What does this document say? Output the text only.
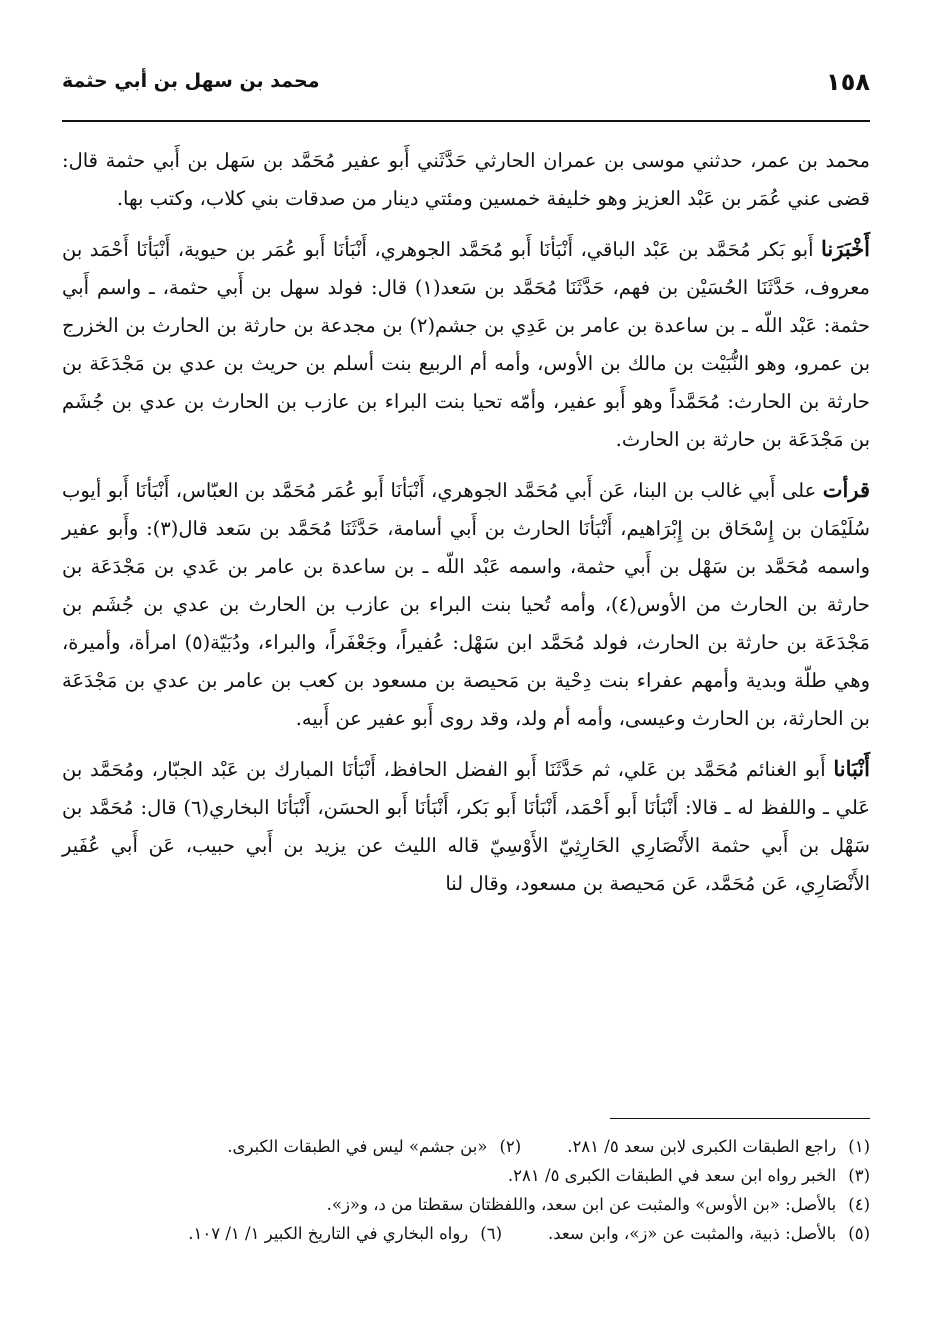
١٥٨
محمد بن سهل بن أبي حثمة

محمد بن عمر، حدثني موسى بن عمران الحارثي حَدَّثَني أَبو عفير مُحَمَّد بن سَهل بن أَبي حثمة قال: قضى عني عُمَر بن عَبْد العزيز وهو خليفة خمسين ومئتي دينار من صدقات بني كلاب، وكتب بها.

أَخْبَرَنا أَبو بَكر مُحَمَّد بن عَبْد الباقي، أَنْبَأنَا أَبو مُحَمَّد الجوهري، أَنْبَأنَا أَبو عُمَر بن حيوية، أَنْبَأنَا أَحْمَد بن معروف، حَدَّثَنَا الحُسَيْن بن فهم، حَدَّثَنَا مُحَمَّد بن سَعد(١) قال: فولد سهل بن أَبي حثمة، ـ واسم أَبي حثمة: عَبْد اللّه ـ بن ساعدة بن عامر بن عَدِي بن جشم(٢) بن مجدعة بن حارثة بن الحارث بن الخزرج بن عمرو، وهو النُّبَيْت بن مالك بن الأوس، وأمه أم الربيع بنت أسلم بن حريث بن عدي بن مَجْدَعَة بن حارثة بن الحارث: مُحَمَّداً وهو أَبو عفير، وأمّه تحيا بنت البراء بن عازب بن الحارث بن عدي بن جُشَم بن مَجْدَعَة بن حارثة بن الحارث.

قرأت على أَبي غالب بن البنا، عَن أَبي مُحَمَّد الجوهري، أَنْبَأنَا أَبو عُمَر مُحَمَّد بن العبّاس، أَنْبَأنَا أَبو أيوب سُلَيْمَان بن إِسْحَاق بن إِبْرَاهيم، أَنْبَأنَا الحارث بن أَبي أسامة، حَدَّثَنَا مُحَمَّد بن سَعد قال(٣): وأَبو عفير واسمه مُحَمَّد بن سَهْل بن أَبي حثمة، واسمه عَبْد اللّه ـ بن ساعدة بن عامر بن عَدي بن مَجْدَعَة بن حارثة بن الحارث من الأوس(٤)، وأمه تُحيا بنت البراء بن عازب بن الحارث بن عدي بن جُشَم بن مَجْدَعَة بن حارثة بن الحارث، فولد مُحَمَّد ابن سَهْل: عُفيراً، وجَعْفَراً، والبراء، ودُبَيّة(٥) امرأة، وأميرة، وهي طلّة وبدية وأمهم عفراء بنت دِحْية بن مَحيصة بن مسعود بن كعب بن عامر بن عدي بن مَجْدَعَة بن الحارثة، بن الحارث وعيسى، وأمه أم ولد، وقد روى أَبو عفير عن أَبيه.

أَنْبَانا أَبو الغنائم مُحَمَّد بن عَلي، ثم حَدَّثَنَا أَبو الفضل الحافظ، أَنْبَأنَا المبارك بن عَبْد الجبّار، ومُحَمَّد بن عَلي ـ واللفظ له ـ قالا: أَنْبَأنَا أَبو أَحْمَد، أَنْبَأنَا أَبو بَكر، أَنْبَأنَا أَبو الحسَن، أَنْبَأنَا البخاري(٦) قال: مُحَمَّد بن سَهْل بن أَبي حثمة الأَنْصَارِي الحَارِثِيّ الأَوْسِيّ قاله الليث عن يزيد بن أَبي حبيب، عَن أَبي عُفَير الأَنْصَارِي، عَن مُحَمَّد، عَن مَحيصة بن مسعود، وقال لنا

(١)
راجع الطبقات الكبرى لابن سعد ٥/ ٢٨١.
(٢)
«بن جشم» ليس في الطبقات الكبرى.
(٣)
الخبر رواه ابن سعد في الطبقات الكبرى ٥/ ٢٨١.
(٤)
بالأصل: «بن الأوس» والمثبت عن ابن سعد، واللفظتان سقطتا من د، و«ز».
(٥)
بالأصل: ذبية، والمثبت عن «ز»، وابن سعد.
(٦)
رواه البخاري في التاريخ الكبير ١/ ١/ ١٠٧.
